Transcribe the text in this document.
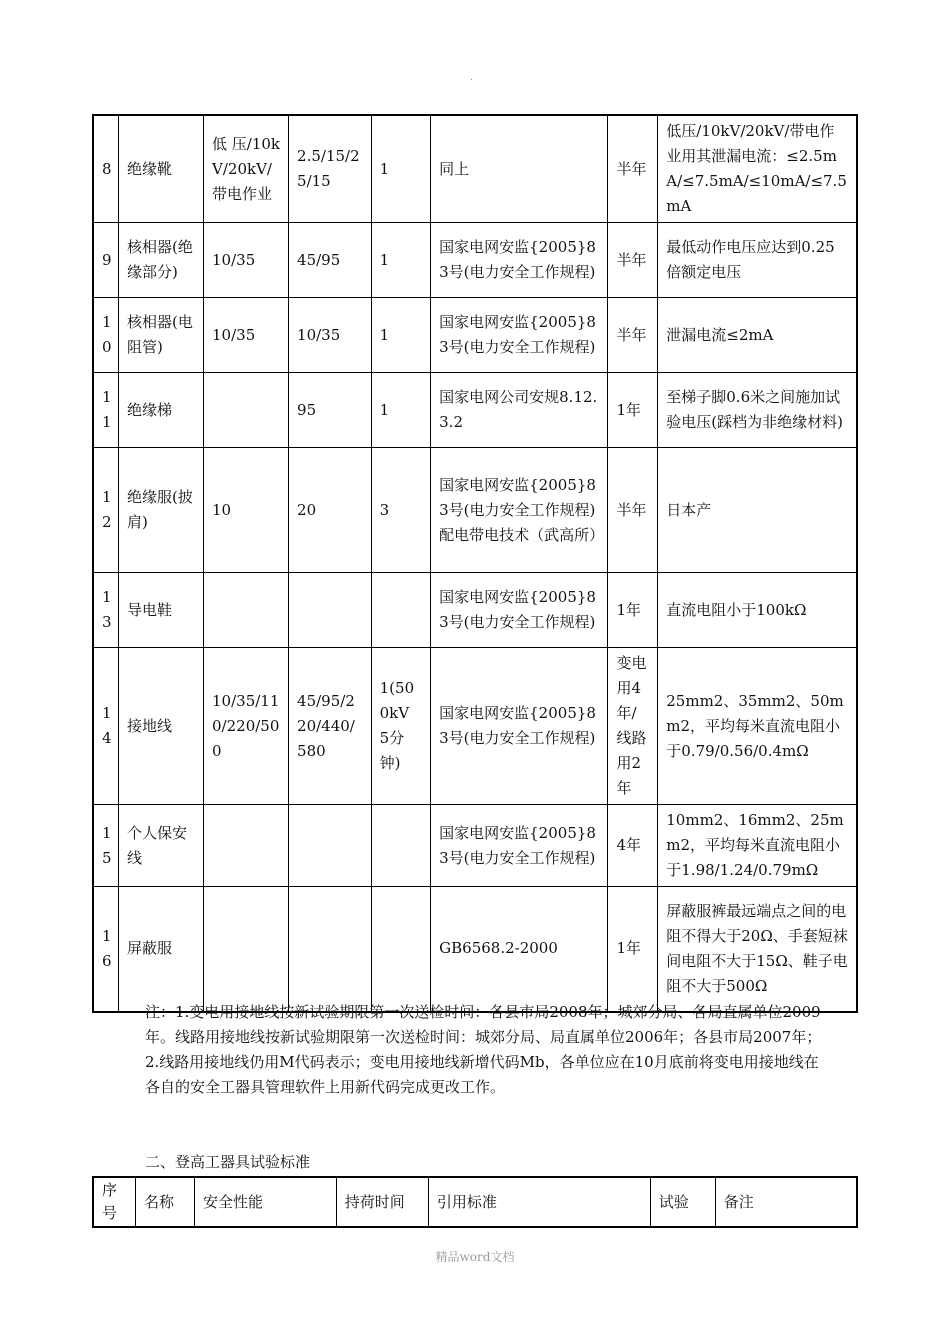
.
8	绝缘靴	低 压/10kV/20kV/带电作业	2.5/15/25/15	1	同上	半年	低压/10kV/20kV/带电作业用其泄漏电流：≤2.5mA/≤7.5mA/≤10mA/≤7.5mA
9	核相器(绝缘部分)	10/35	45/95	1	国家电网安监{2005}83号(电力安全工作规程)	半年	最低动作电压应达到0.25倍额定电压
10	核相器(电阻管)	10/35	10/35	1	国家电网安监{2005}83号(电力安全工作规程)	半年	泄漏电流≤2mA
11	绝缘梯		95	1	国家电网公司安规8.12.3.2	1年	至梯子脚0.6米之间施加试验电压(踩档为非绝缘材料)
12	绝缘服(披肩)	10	20	3	国家电网安监{2005}83号(电力安全工作规程)配电带电技术（武高所）	半年	日本产
13	导电鞋				国家电网安监{2005}83号(电力安全工作规程)	1年	直流电阻小于100kΩ
14	接地线	10/35/110/220/500	45/95/220/440/580	1(500kV 5分钟)	国家电网安监{2005}83号(电力安全工作规程)	变电用4年/线路用2年	25mm2、35mm2、50mm2，平均每米直流电阻小于0.79/0.56/0.4mΩ
15	个人保安线				国家电网安监{2005}83号(电力安全工作规程)	4年	10mm2、16mm2、25mm2，平均每米直流电阻小于1.98/1.24/0.79mΩ
16	屏蔽服				GB6568.2-2000	1年	屏蔽服裤最远端点之间的电阻不得大于20Ω、手套短袜间电阻不大于15Ω、鞋子电阻不大于500Ω

注：1.变电用接地线按新试验期限第一次送检时间：各县市局2008年；城郊分局、各局直属单位2009年。线路用接地线按新试验期限第一次送检时间：城郊分局、局直属单位2006年；各县市局2007年；

2.线路用接地线仍用M代码表示；变电用接地线新增代码Mb，各单位应在10月底前将变电用接地线在各自的安全工器具管理软件上用新代码完成更改工作。

二、登高工器具试验标准
序号	名称	安全性能	持荷时间	引用标准	试验	备注
精品word文档
